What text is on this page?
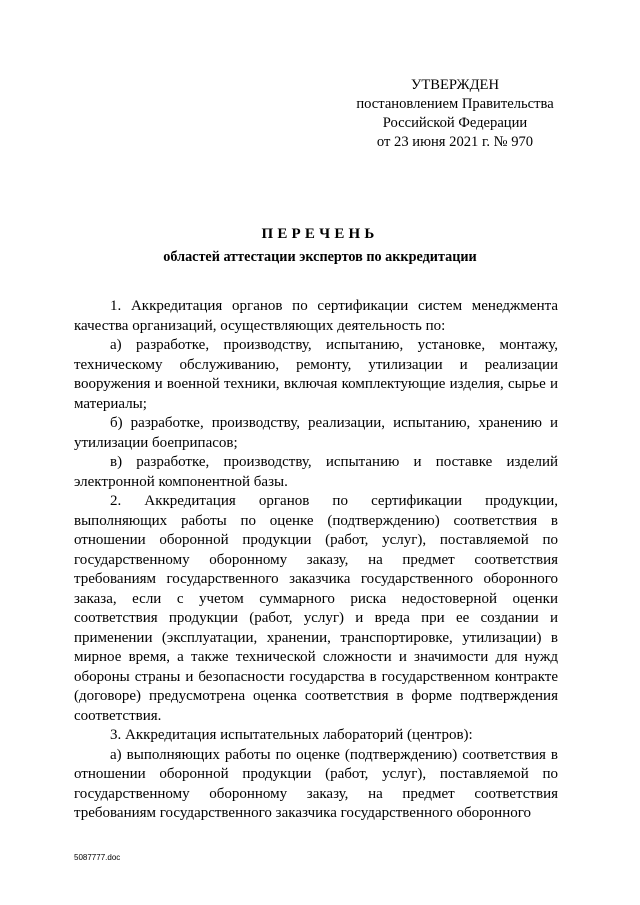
УТВЕРЖДЕН
постановлением Правительства
Российской Федерации
от 23 июня 2021 г. № 970
ПЕРЕЧЕНЬ
областей аттестации экспертов по аккредитации

1. Аккредитация органов по сертификации систем менеджмента качества организаций, осуществляющих деятельность по:

а) разработке, производству, испытанию, установке, монтажу, техническому обслуживанию, ремонту, утилизации и реализации вооружения и военной техники, включая комплектующие изделия, сырье и материалы;

б) разработке, производству, реализации, испытанию, хранению и утилизации боеприпасов;

в) разработке, производству, испытанию и поставке изделий электронной компонентной базы.

2. Аккредитация органов по сертификации продукции, выполняющих работы по оценке (подтверждению) соответствия в отношении оборонной продукции (работ, услуг), поставляемой по государственному оборонному заказу, на предмет соответствия требованиям государственного заказчика государственного оборонного заказа, если с учетом суммарного риска недостоверной оценки соответствия продукции (работ, услуг) и вреда при ее создании и применении (эксплуатации, хранении, транспортировке, утилизации) в мирное время, а также технической сложности и значимости для нужд обороны страны и безопасности государства в государственном контракте (договоре) предусмотрена оценка соответствия в форме подтверждения соответствия.

3. Аккредитация испытательных лабораторий (центров):

а) выполняющих работы по оценке (подтверждению) соответствия в отношении оборонной продукции (работ, услуг), поставляемой по государственному оборонному заказу, на предмет соответствия требованиям государственного заказчика государственного оборонного

5087777.doc
